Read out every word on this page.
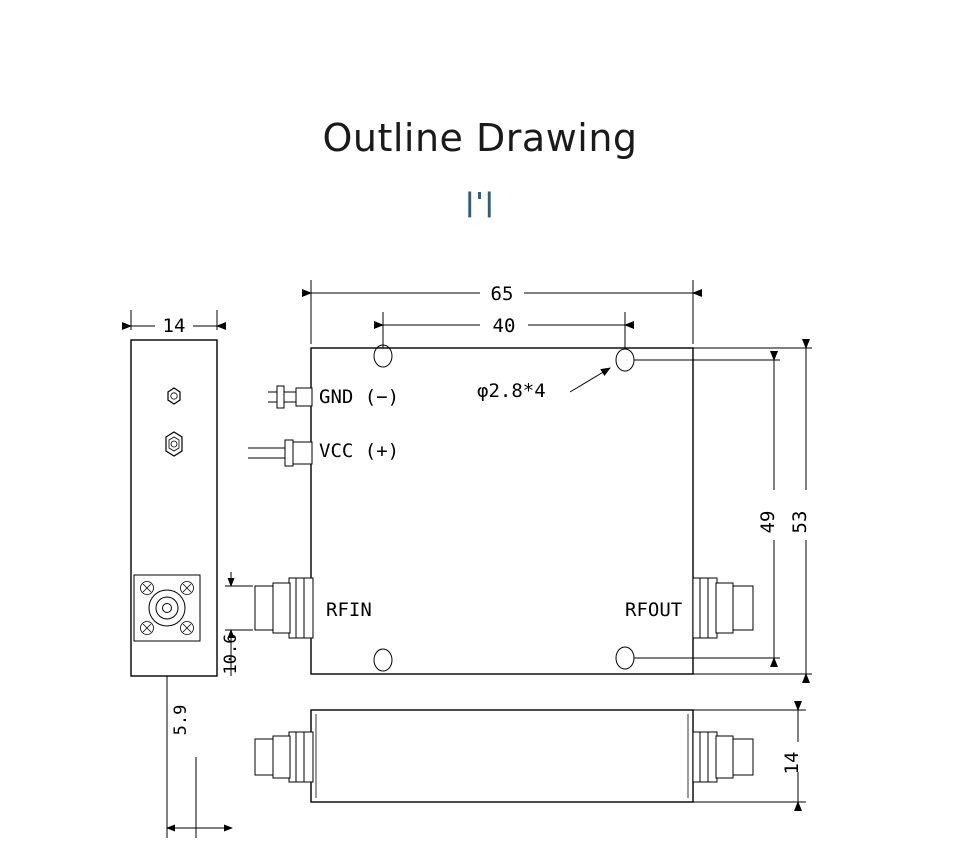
Outline Drawing
|'|
14
GND (−)
VCC (+)
RFIN	RFOUT
φ2.8*4
65
40
49 53
10.6
14
5.9
